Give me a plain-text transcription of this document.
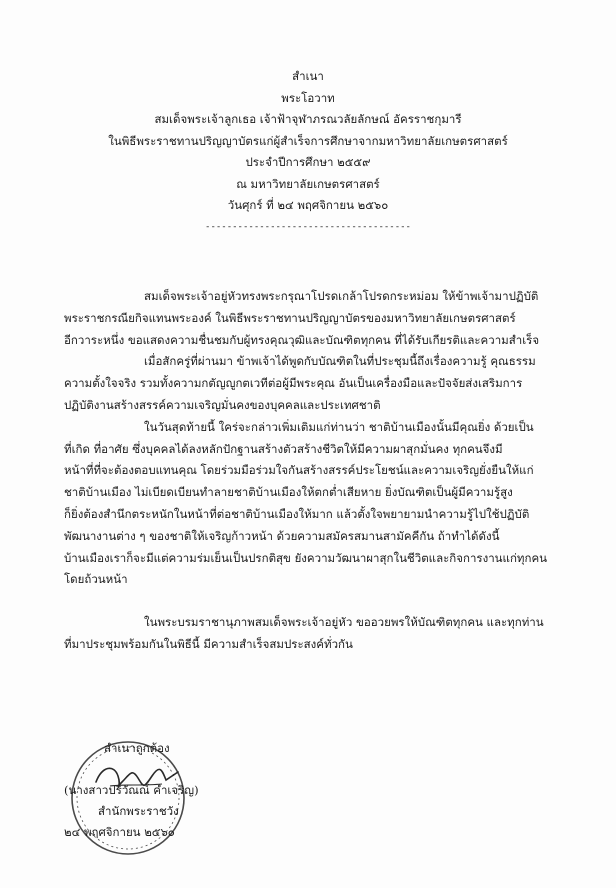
สำเนา
พระโอวาท
สมเด็จพระเจ้าลูกเธอ เจ้าฟ้าจุฬาภรณวลัยลักษณ์ อัครราชกุมารี
ในพิธีพระราชทานปริญญาบัตรแก่ผู้สำเร็จการศึกษาจากมหาวิทยาลัยเกษตรศาสตร์
ประจำปีการศึกษา ๒๕๕๙
ณ มหาวิทยาลัยเกษตรศาสตร์
วันศุกร์ ที่ ๒๔ พฤศจิกายน ๒๕๖๐
--------------------------------------
สมเด็จพระเจ้าอยู่หัวทรงพระกรุณาโปรดเกล้าโปรดกระหม่อม ให้ข้าพเจ้ามาปฏิบัติ
พระราชกรณียกิจแทนพระองค์ ในพิธีพระราชทานปริญญาบัตรของมหาวิทยาลัยเกษตรศาสตร์
อีกวาระหนึ่ง ขอแสดงความชื่นชมกับผู้ทรงคุณวุฒิและบัณฑิตทุกคน ที่ได้รับเกียรติและความสำเร็จ
เมื่อสักครู่ที่ผ่านมา ข้าพเจ้าได้พูดกับบัณฑิตในที่ประชุมนี้ถึงเรื่องความรู้ คุณธรรม
ความตั้งใจจริง รวมทั้งความกตัญญูกตเวทีต่อผู้มีพระคุณ อันเป็นเครื่องมือและปัจจัยส่งเสริมการ
ปฏิบัติงานสร้างสรรค์ความเจริญมั่นคงของบุคคลและประเทศชาติ
ในวันสุดท้ายนี้ ใคร่จะกล่าวเพิ่มเติมแก่ท่านว่า ชาติบ้านเมืองนั้นมีคุณยิ่ง ด้วยเป็น
ที่เกิด ที่อาศัย ซึ่งบุคคลได้ลงหลักปักฐานสร้างตัวสร้างชีวิตให้มีความผาสุกมั่นคง ทุกคนจึงมี
หน้าที่ที่จะต้องตอบแทนคุณ โดยร่วมมือร่วมใจกันสร้างสรรค์ประโยชน์และความเจริญยั่งยืนให้แก่
ชาติบ้านเมือง ไม่เบียดเบียนทำลายชาติบ้านเมืองให้ตกต่ำเสียหาย ยิ่งบัณฑิตเป็นผู้มีความรู้สูง
ก็ยิ่งต้องสำนึกตระหนักในหน้าที่ต่อชาติบ้านเมืองให้มาก แล้วตั้งใจพยายามนำความรู้ไปใช้ปฏิบัติ
พัฒนางานต่าง ๆ ของชาติให้เจริญก้าวหน้า ด้วยความสมัครสมานสามัคคีกัน ถ้าทำได้ดังนี้
บ้านเมืองเราก็จะมีแต่ความร่มเย็นเป็นปรกติสุข ยังความวัฒนาผาสุกในชีวิตและกิจการงานแก่ทุกคน
โดยถ้วนหน้า
ในพระบรมราชานุภาพสมเด็จพระเจ้าอยู่หัว ขออวยพรให้บัณฑิตทุกคน และทุกท่าน
ที่มาประชุมพร้อมกันในพิธีนี้ มีความสำเร็จสมประสงค์ทั่วกัน
สำเนาถูกต้อง
(นางสาวปริวัณณ์ คำเจริญ)
สำนักพระราชวัง
๒๔ พฤศจิกายน ๒๕๖๐
